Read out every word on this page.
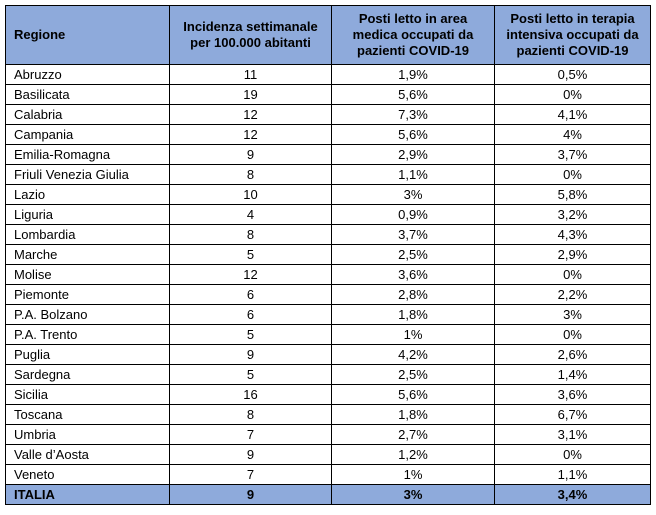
Regione	Incidenza settimanale per 100.000 abitanti	Posti letto in area medica occupati da pazienti COVID-19	Posti letto in terapia intensiva occupati da pazienti COVID-19
Abruzzo	11	1,9%	0,5%
Basilicata	19	5,6%	0%
Calabria	12	7,3%	4,1%
Campania	12	5,6%	4%
Emilia-Romagna	9	2,9%	3,7%
Friuli Venezia Giulia	8	1,1%	0%
Lazio	10	3%	5,8%
Liguria	4	0,9%	3,2%
Lombardia	8	3,7%	4,3%
Marche	5	2,5%	2,9%
Molise	12	3,6%	0%
Piemonte	6	2,8%	2,2%
P.A. Bolzano	6	1,8%	3%
P.A. Trento	5	1%	0%
Puglia	9	4,2%	2,6%
Sardegna	5	2,5%	1,4%
Sicilia	16	5,6%	3,6%
Toscana	8	1,8%	6,7%
Umbria	7	2,7%	3,1%
Valle d’Aosta	9	1,2%	0%
Veneto	7	1%	1,1%
ITALIA	9	3%	3,4%
